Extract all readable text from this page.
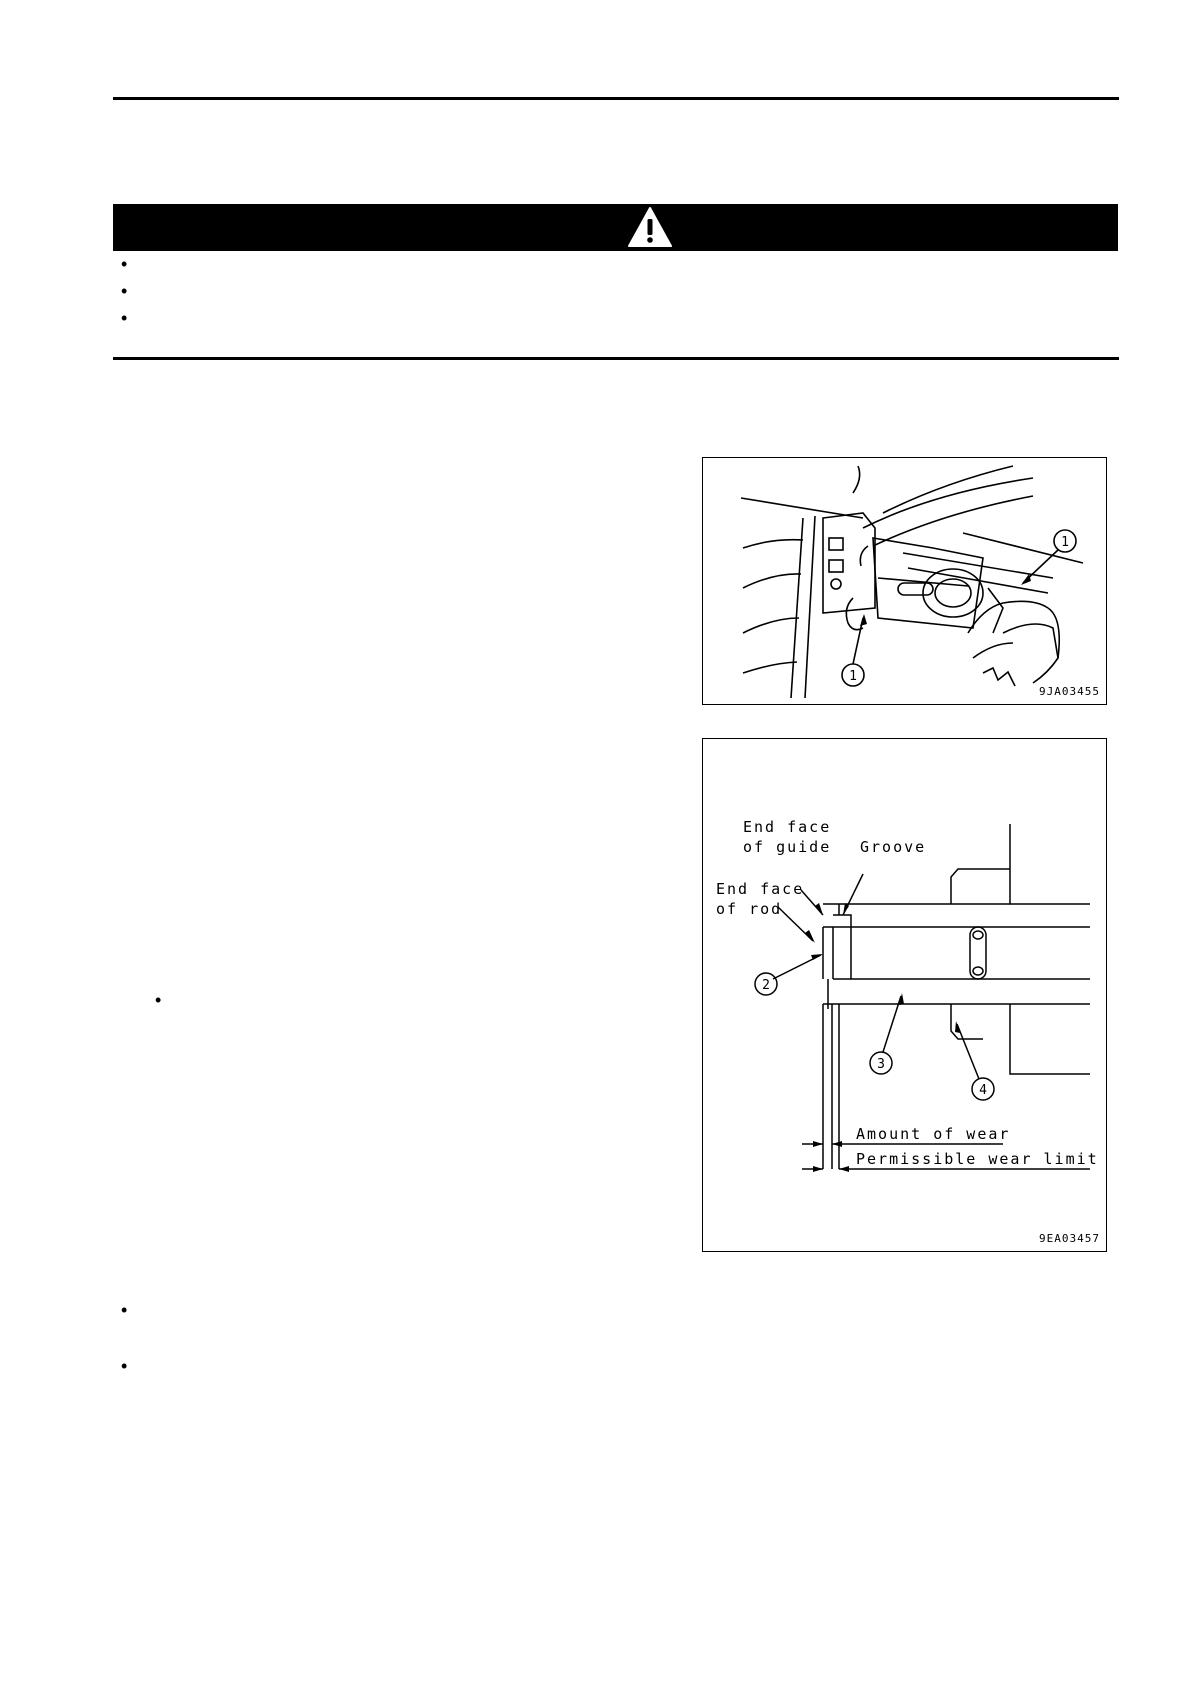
•
•
•
1
1
9JA03455
2
3
4
End face
of guide Groove
End face
of rod
Amount of wear
Permissible wear limit
9EA03457
•
•
•
